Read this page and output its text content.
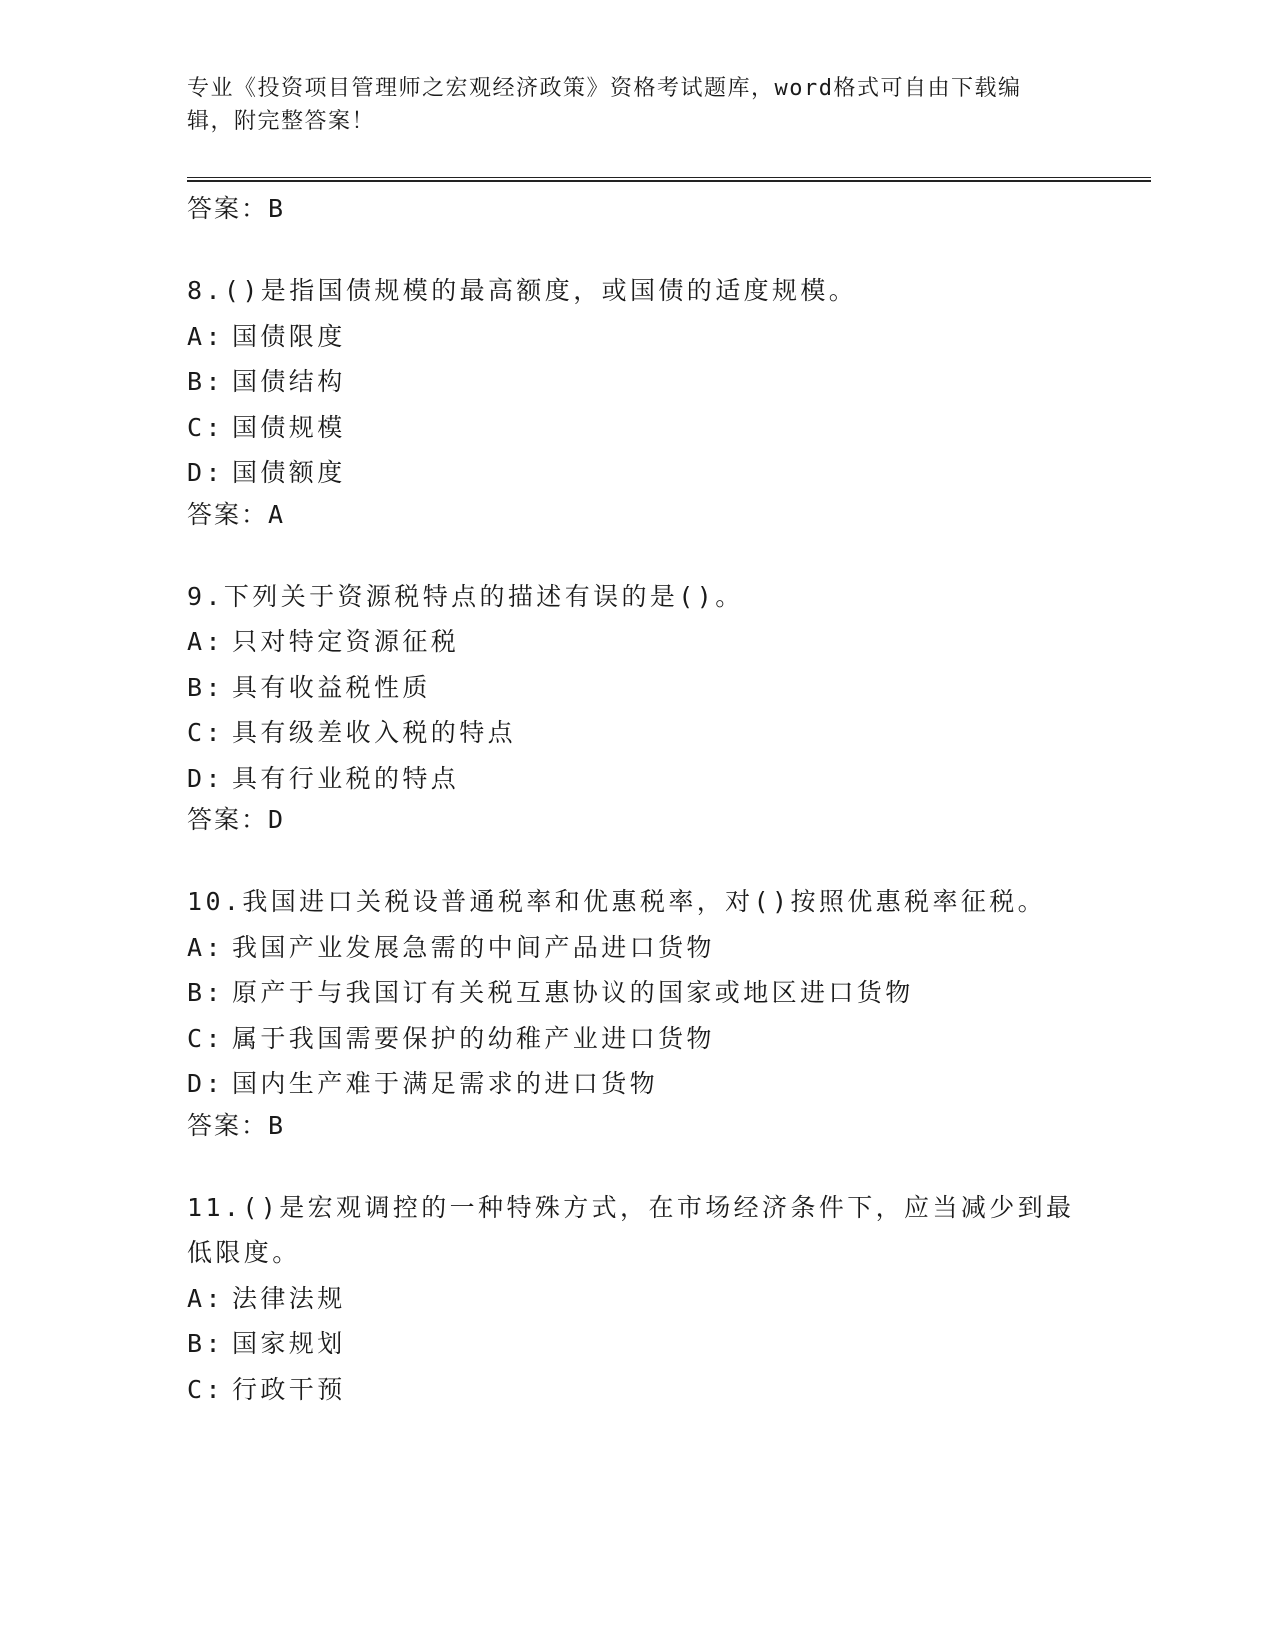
专业《投资项目管理师之宏观经济政策》资格考试题库，word格式可自由下载编辑，附完整答案！
答案：B
8.()是指国债规模的最高额度，或国债的适度规模。
A: 国债限度
B: 国债结构
C: 国债规模
D: 国债额度
答案：A
9.下列关于资源税特点的描述有误的是()。
A: 只对特定资源征税
B: 具有收益税性质
C: 具有级差收入税的特点
D: 具有行业税的特点
答案：D
10.我国进口关税设普通税率和优惠税率，对()按照优惠税率征税。
A: 我国产业发展急需的中间产品进口货物
B: 原产于与我国订有关税互惠协议的国家或地区进口货物
C: 属于我国需要保护的幼稚产业进口货物
D: 国内生产难于满足需求的进口货物
答案：B
11.()是宏观调控的一种特殊方式，在市场经济条件下，应当减少到最低限度。
A: 法律法规
B: 国家规划
C: 行政干预
